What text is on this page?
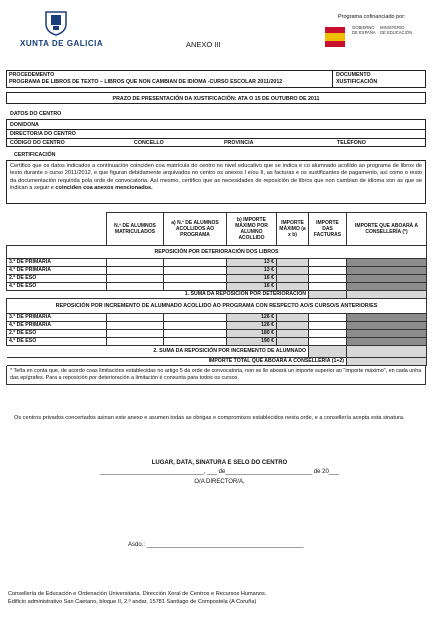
XUNTA DE GALICIA	ANEXO III
Programa cofinanciado por:
GOBIERNO
DE ESPAÑA
MINISTERIO
DE EDUCACIÓN
PROCEDEMENTO
PROGRAMA DE LIBROS DE TEXTO – LIBROS QUE NON CAMBIAN DE IDIOMA -CURSO ESCOLAR 2011/2012
DOCUMENTO
XUSTIFICACIÓN
PRAZO DE PRESENTACIÓN DA XUSTIFICACIÓN: ATA O 15 DE OUTUBRO DE 2011
DATOS DO CENTRO
DON/DONA
DIRECTOR/A DO CENTRO
CÓDIGO DO CENTRO	CONCELLO	PROVINCIA	TELÉFONO
CERTIFICACIÓN
Certifico que os datos indicados a continuación coinciden coa matrícula do centro no nivel educativo que se indica e co alumnado acollido ao programa de libros de texto durante o curso 2011/2012, e que figuran debidamente arquivados no centro os anexos I e/ou II, as facturas e os xustificantes de pagamento, así como o resto da documentación requirida pola orde de convocatoria. Así mesmo, certifico que as necesidades de reposición de libros que non cambian de idioma son as que se indican a seguir e coinciden coa anexos mencionados.
	N.º DE ALUMNOS MATRICULADOS	a) N.º DE ALUMNOS ACOLLIDOS AO PROGRAMA	b) IMPORTE MÁXIMO POR ALUMNO ACOLLIDO	IMPORTE MÁXIMO (a x b)	IMPORTE DAS FACTURAS	IMPORTE QUE ABOARÁ A CONSELLERÍA (*)
REPOSICIÓN POR DETERIORACIÓN DOS LIBROS						
3.º DE PRIMARIA			13 €			
4.º DE PRIMARIA			13 €			
2.º DE ESO			16 €			
4.º DE ESO			16 €			
1. SUMA DA REPOSICIÓN POR DETERIORACIÓN						
REPOSICIÓN POR INCREMENTO DE ALUMNADO ACOLLIDO AO PROGRAMA CON RESPECTO AO/S CURSO/S ANTERIOR/ES						
3.º DE PRIMARIA			126 €			
4.º DE PRIMARIA			126 €			
2.º DE ESO			180 €			
4.º DE ESO			190 €			
2. SUMA DA REPOSICIÓN POR INCREMENTO DE ALUMNADO						
IMPORTE TOTAL QUE ABOARÁ A CONSELLERÍA (1+2)						
* Teña en conta que, de acordo coas limitacións establecidas no artigo 5 da orde de convocatoria, non se lle aboará un importe superior ao "importe máximo", en cada unha das epígrafes. Para a reposición por deterioración a limitación é conxunta para todos os cursos.
Os centros privados concertados asinan este anexo e asumen todas as obrigas e compromisos establecidos nesta orde, e a consellería acepta esta sinatura.
LUGAR, DATA, SINATURA E SELO DO CENTRO
_______________________________, ___ de__________________________ de 20___
O/A DIRECTOR/A,
Asdo.: _______________________________________________
Consellería de Educación e Ordenación Universitaria. Dirección Xeral de Centros e Recursos Humanos.
Edificio administrativo San Caetano, bloque II, 2.º andar, 15781 Santiago de Compostela (A Coruña)
